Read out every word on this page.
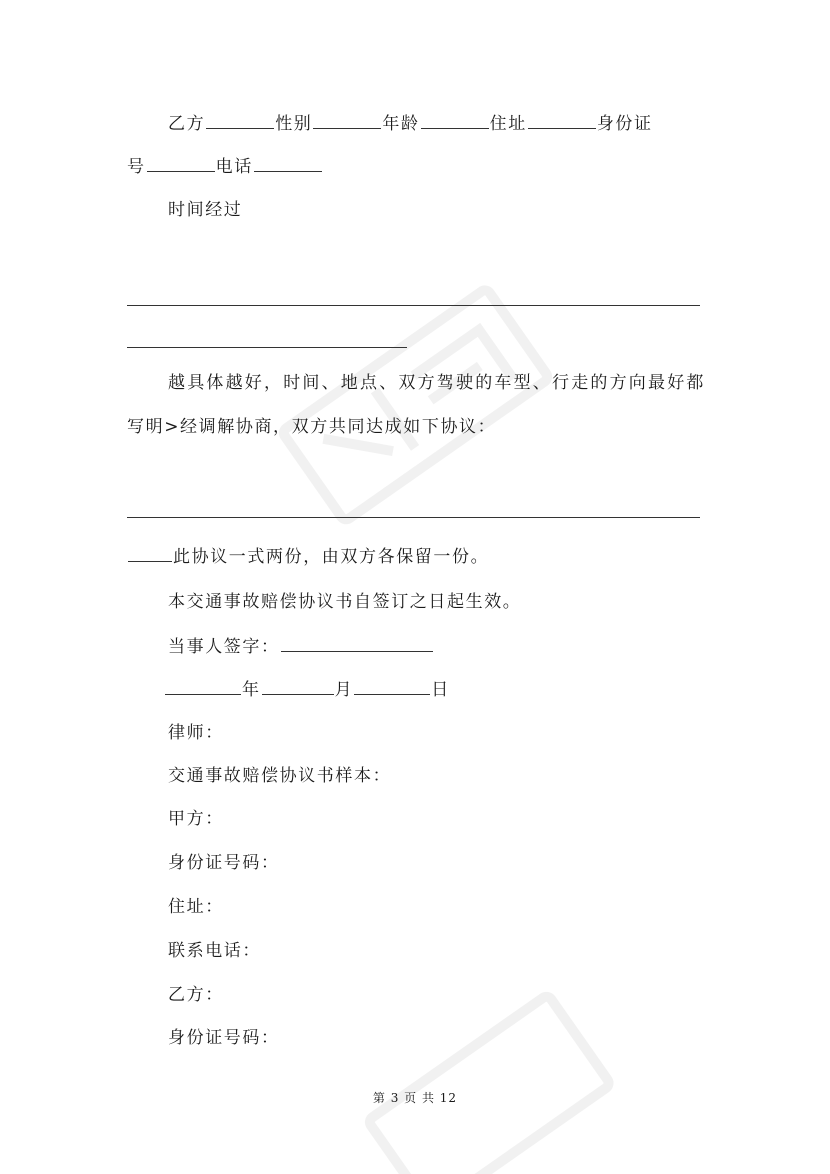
乙方	性别	年龄	住址	身份证
号	电话
时间经过
越具体越好，时间、地点、双方驾驶的车型、行走的方向最好都
写明>经调解协商，双方共同达成如下协议：
此协议一式两份，由双方各保留一份。
本交通事故赔偿协议书自签订之日起生效。
当事人签字：
年	月	日
律师：
交通事故赔偿协议书样本：
甲方：
身份证号码：
住址：
联系电话：
乙方：
身份证号码：
第 3 页 共 12
